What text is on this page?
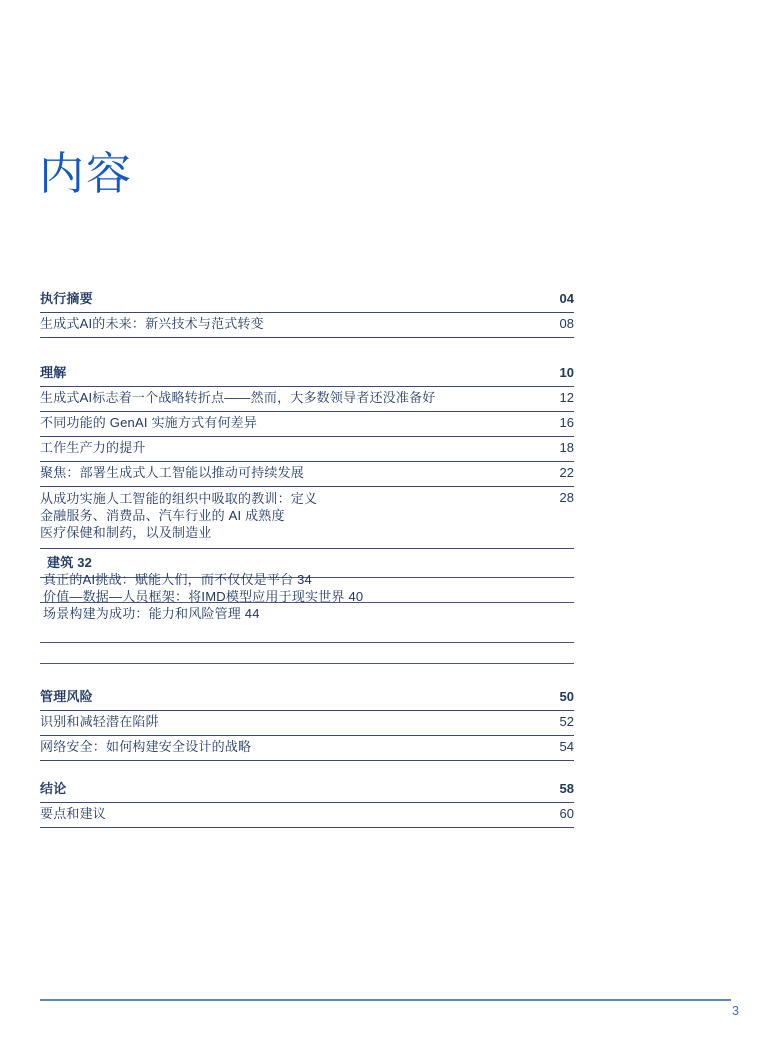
内容
执行摘要	04
生成式AI的未来：新兴技术与范式转变	08
理解	10
生成式AI标志着一个战略转折点——然而，大多数领导者还没准备好	12
不同功能的 GenAI 实施方式有何差异	16
工作生产力的提升	18
聚焦：部署生成式人工智能以推动可持续发展	22
从成功实施人工智能的组织中吸取的教训：定义
金融服务、消费品、汽车行业的 AI 成熟度
医疗保健和制药，以及制造业
28
建筑 32
真正的AI挑战：赋能人们，而不仅仅是平台 34
价值—数据—人员框架：将IMD模型应用于现实世界 40
场景构建为成功：能力和风险管理 44
管理风险	50
识别和减轻潜在陷阱	52
网络安全：如何构建安全设计的战略	54
结论	58
要点和建议	60
3
